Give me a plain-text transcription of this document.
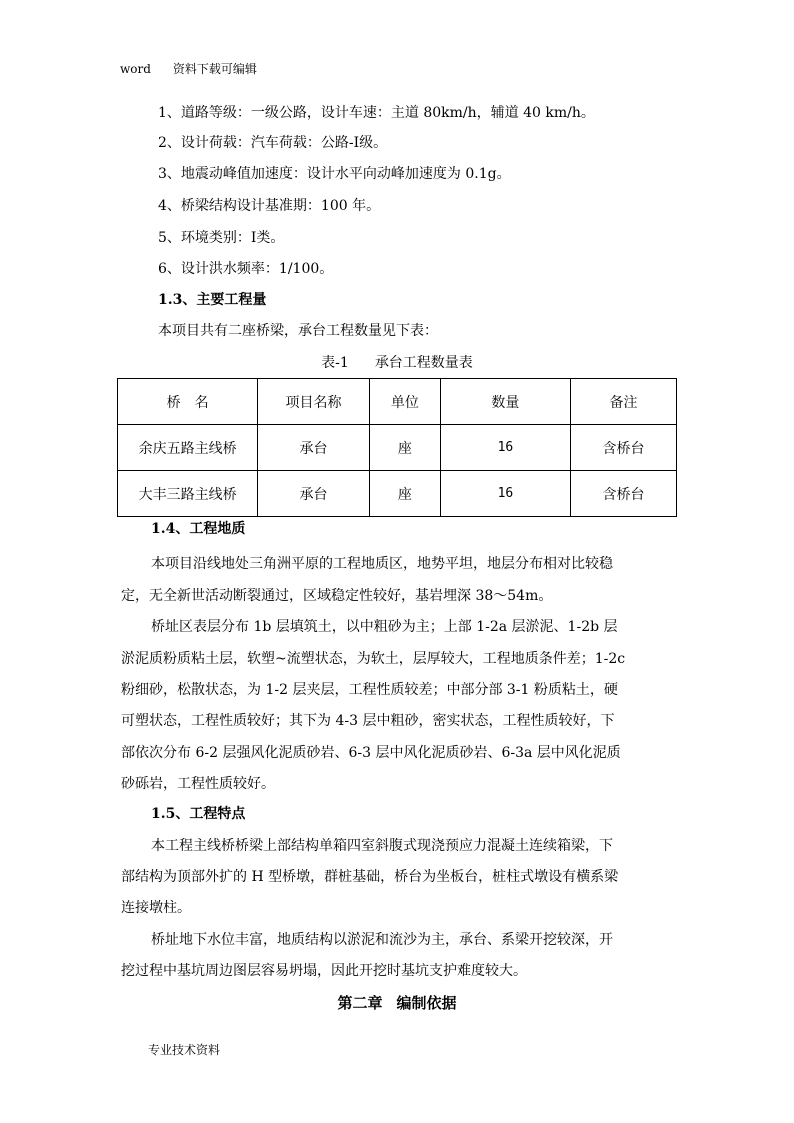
word 资料下载可编辑
1、道路等级：一级公路，设计车速：主道 80km/h，辅道 40 km/h。
2、设计荷载：汽车荷载：公路-Ⅰ级。
3、地震动峰值加速度：设计水平向动峰加速度为 0.1g。
4、桥梁结构设计基准期：100 年。
5、环境类别：Ⅰ类。
6、设计洪水频率：1/100。
1.3、主要工程量
本项目共有二座桥梁，承台工程数量见下表：
表-1 承台工程数量表
桥　名	项目名称	单位	数量	备注
余庆五路主线桥	承台	座	16	含桥台
大丰三路主线桥	承台	座	16	含桥台
1.4、工程地质
本项目沿线地处三角洲平原的工程地质区，地势平坦，地层分布相对比较稳
定，无全新世活动断裂通过，区域稳定性较好，基岩埋深 38～54m。
桥址区表层分布 1b 层填筑土，以中粗砂为主；上部 1-2a 层淤泥、1-2b 层
淤泥质粉质粘土层，软塑~流塑状态，为软土，层厚较大，工程地质条件差；1-2c
粉细砂，松散状态，为 1-2 层夹层，工程性质较差；中部分部 3-1 粉质粘土，硬
可塑状态，工程性质较好；其下为 4-3 层中粗砂，密实状态，工程性质较好，下
部依次分布 6-2 层强风化泥质砂岩、6-3 层中风化泥质砂岩、6-3a 层中风化泥质
砂砾岩，工程性质较好。
1.5、工程特点
本工程主线桥桥梁上部结构单箱四室斜腹式现浇预应力混凝土连续箱梁，下
部结构为顶部外扩的 H 型桥墩，群桩基础，桥台为坐板台，桩柱式墩设有横系梁
连接墩柱。
桥址地下水位丰富，地质结构以淤泥和流沙为主，承台、系梁开挖较深，开
挖过程中基坑周边图层容易坍塌，因此开挖时基坑支护难度较大。
第二章 编制依据
专业技术资料
